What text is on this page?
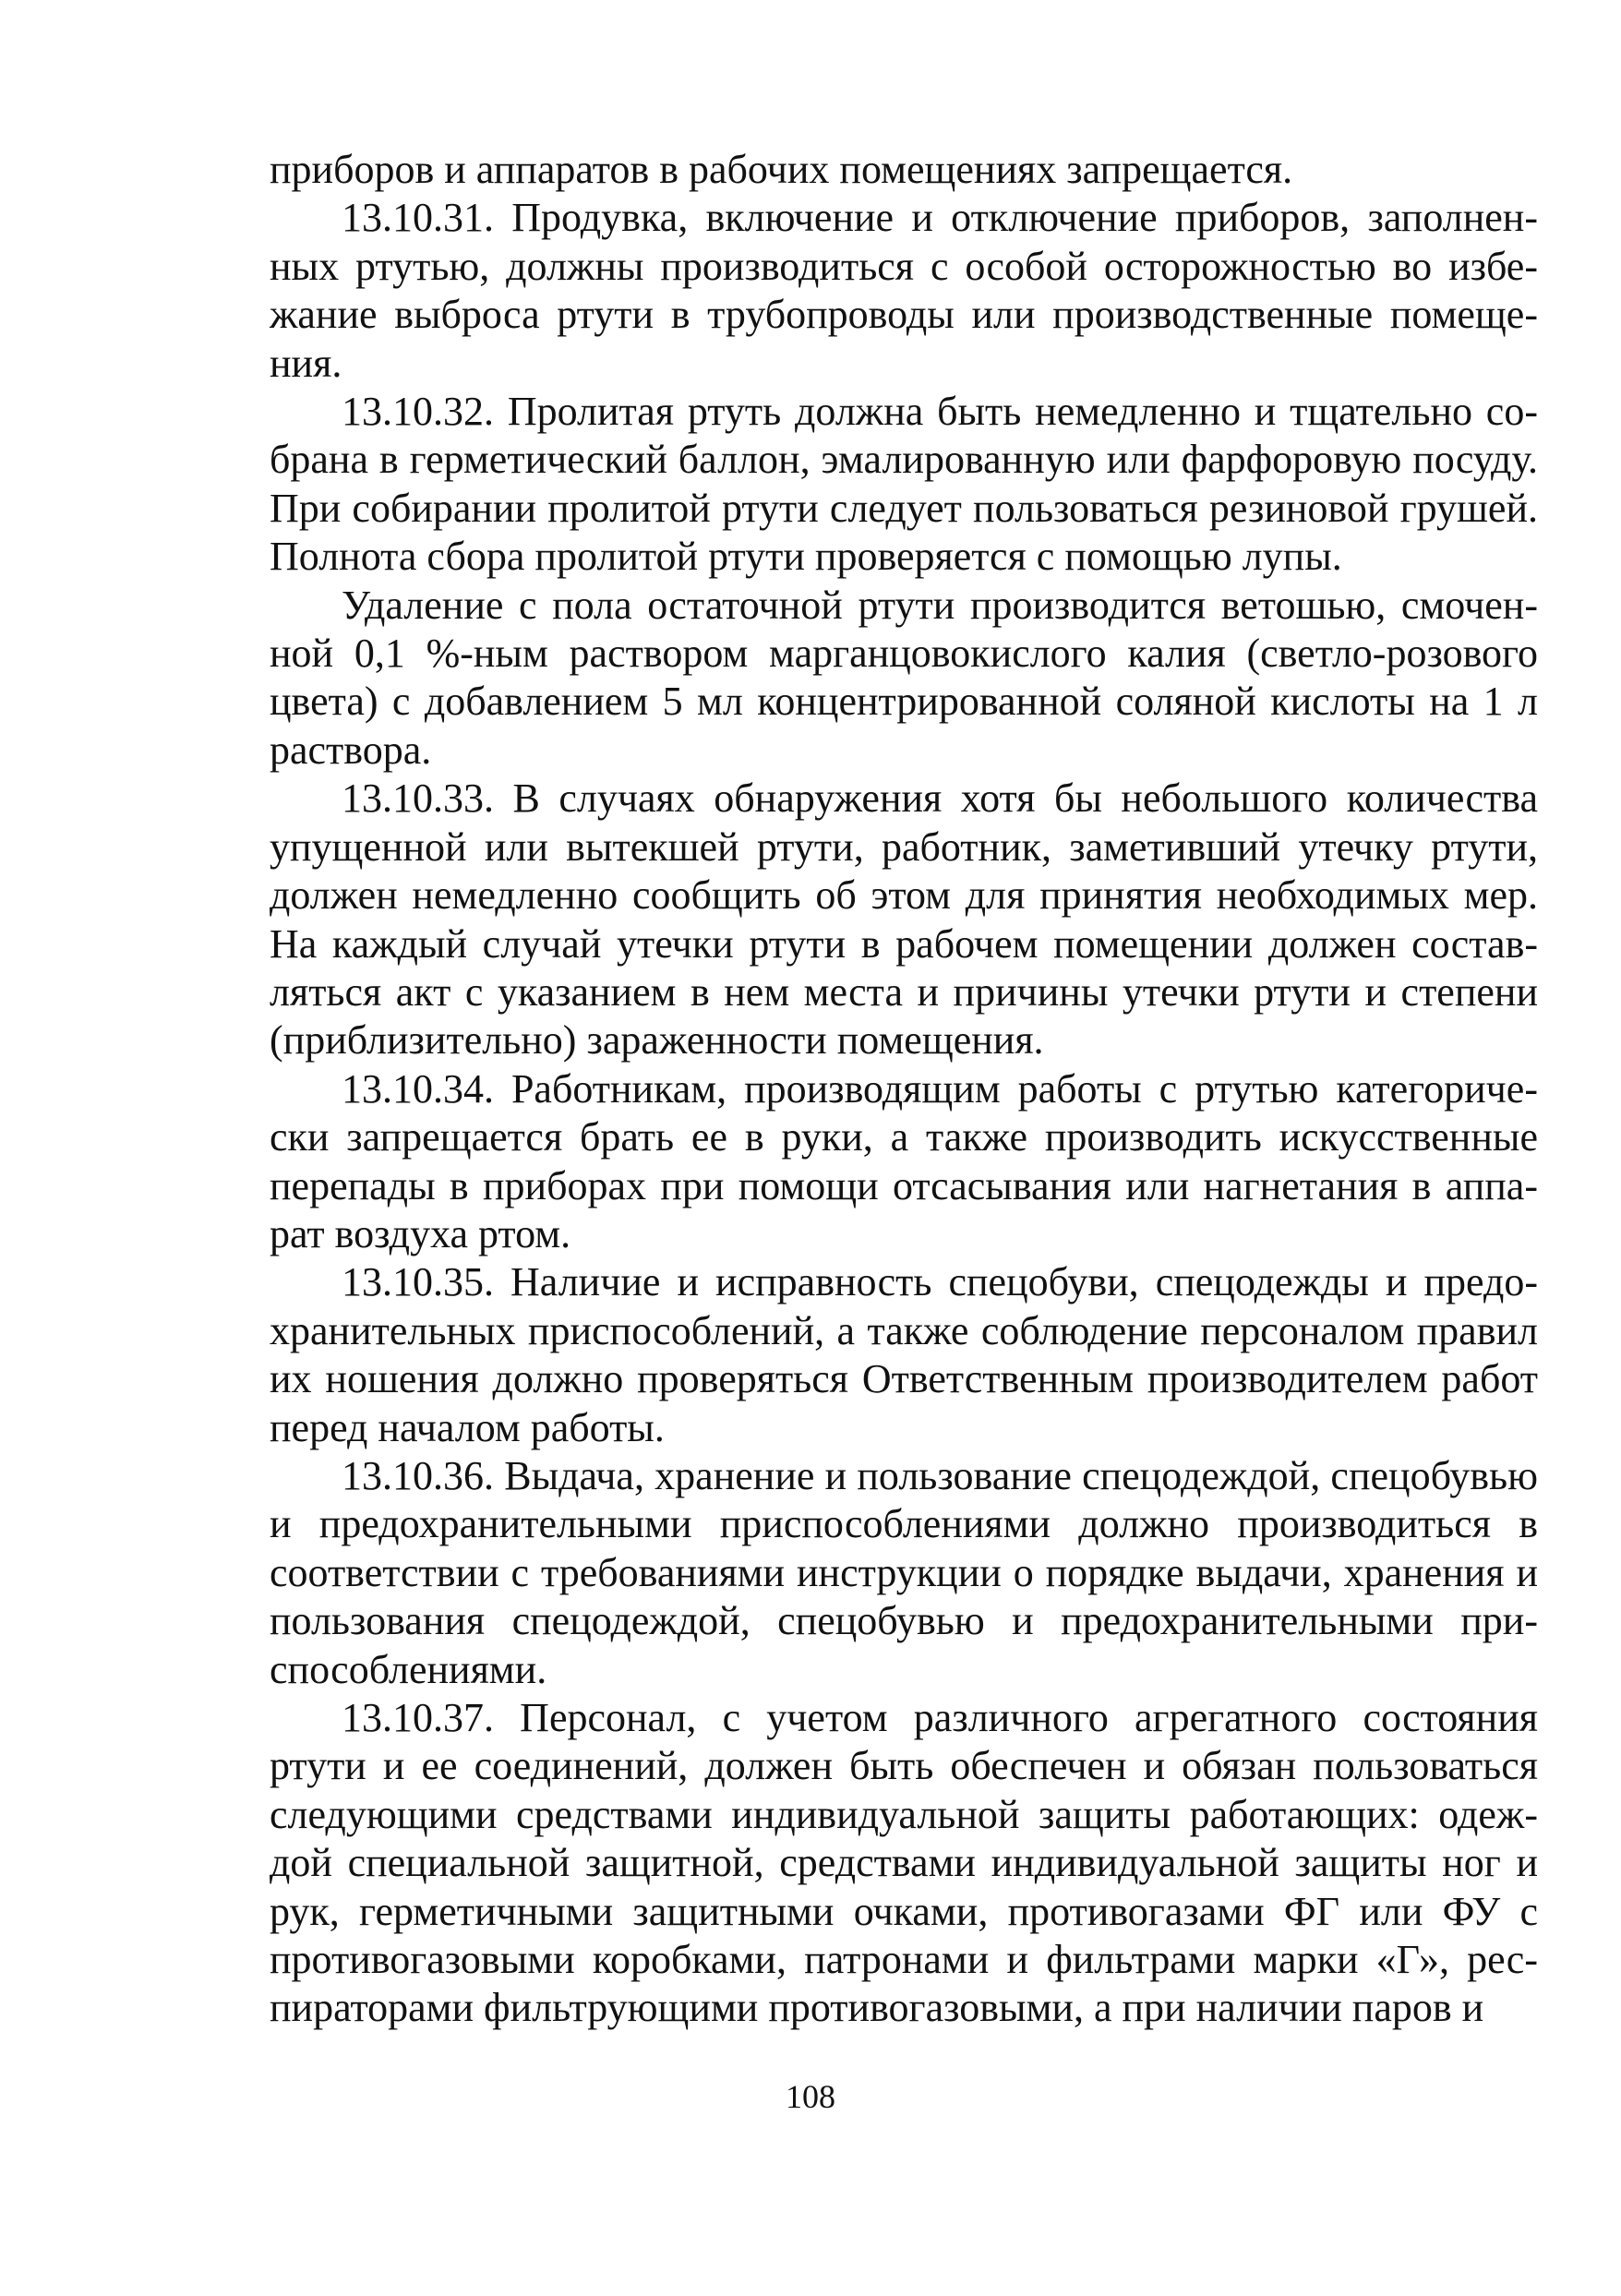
приборов и аппаратов в рабочих помещениях запрещается.

13.10.31. Продувка, включение и отключение приборов, заполненных ртутью, должны производиться с особой осторожностью во избежание выброса ртути в трубопроводы или производственные помещения.

13.10.32. Пролитая ртуть должна быть немедленно и тщательно собрана в герметический баллон, эмалированную или фарфоровую посуду. При собирании пролитой ртути следует пользоваться резиновой грушей. Полнота сбора пролитой ртути проверяется с помощью лупы.

Удаление с пола остаточной ртути производится ветошью, смоченной 0,1 %-ным раствором марганцовокислого калия (светло-розового цвета) с добавлением 5 мл концентрированной соляной кислоты на 1 л раствора.

13.10.33. В случаях обнаружения хотя бы небольшого количества упущенной или вытекшей ртути, работник, заметивший утечку ртути, должен немедленно сообщить об этом для принятия необходимых мер. На каждый случай утечки ртути в рабочем помещении должен составляться акт с указанием в нем места и причины утечки ртути и степени (приблизительно) зараженности помещения.

13.10.34. Работникам, производящим работы с ртутью категорически запрещается брать ее в руки, а также производить искусственные перепады в приборах при помощи отсасывания или нагнетания в аппарат воздуха ртом.

13.10.35. Наличие и исправность спецобуви, спецодежды и предохранительных приспособлений, а также соблюдение персоналом правил их ношения должно проверяться Ответственным производителем работ перед началом работы.

13.10.36. Выдача, хранение и пользование спецодеждой, спецобувью и предохранительными приспособлениями должно производиться в соответствии с требованиями инструкции о порядке выдачи, хранения и пользования спецодеждой, спецобувью и предохранительными приспособлениями.

13.10.37. Персонал, с учетом различного агрегатного состояния ртути и ее соединений, должен быть обеспечен и обязан пользоваться следующими средствами индивидуальной защиты работающих: одеждой специальной защитной, средствами индивидуальной защиты ног и рук, герметичными защитными очками, противогазами ФГ или ФУ с противогазовыми коробками, патронами и фильтрами марки «Г», респираторами фильтрующими противогазовыми, а при наличии паров и

108
